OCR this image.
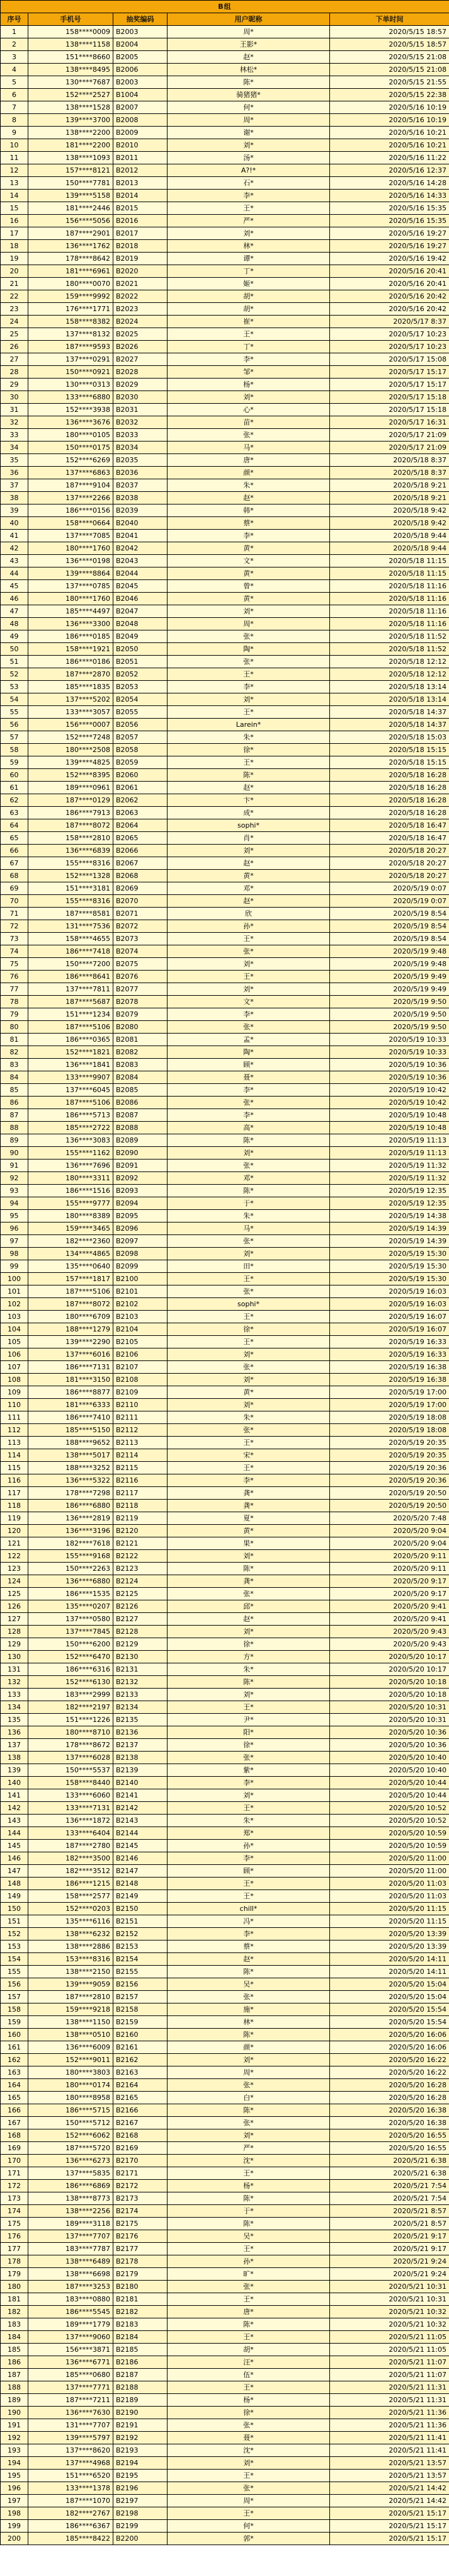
B组				
序号	手机号	抽奖编码	用户昵称	下单时间
1	158****0009	B2003	周*	2020/5/15 18:57
2	138****1158	B2004	王影*	2020/5/15 18:57
3	151****8660	B2005	赵*	2020/5/15 21:08
4	138****8495	B2006	林松*	2020/5/15 21:08
5	130****7687	B2003	陈*	2020/5/15 21:55
6	152****2527	B1004	骑猪猪*	2020/5/15 22:38
7	138****1528	B2007	何*	2020/5/16 10:19
8	139****3700	B2008	周*	2020/5/16 10:19
9	138****2200	B2009	谢*	2020/5/16 10:21
10	181****2200	B2010	刘*	2020/5/16 10:21
11	138****1093	B2011	汤*	2020/5/16 11:22
12	157****8121	B2012	A?!*	2020/5/16 12:37
13	150****7781	B2013	石*	2020/5/16 14:28
14	139****5158	B2014	李*	2020/5/16 14:33
15	181****2446	B2015	王*	2020/5/16 15:35
16	156****5056	B2016	严*	2020/5/16 15:35
17	187****2901	B2017	刘*	2020/5/16 19:27
18	136****1762	B2018	林*	2020/5/16 19:27
19	178****8642	B2019	谭*	2020/5/16 19:42
20	181****6961	B2020	丁*	2020/5/16 20:41
21	180****0070	B2021	姬*	2020/5/16 20:41
22	159****9992	B2022	胡*	2020/5/16 20:42
23	176****1771	B2023	胡*	2020/5/16 20:42
24	158****8382	B2024	崔*	2020/5/17 8:37
25	137****8132	B2025	王*	2020/5/17 10:23
26	187****9593	B2026	丁*	2020/5/17 10:23
27	137****0291	B2027	李*	2020/5/17 15:08
28	150****0921	B2028	邹*	2020/5/17 15:17
29	130****0313	B2029	杨*	2020/5/17 15:17
30	133****6880	B2030	刘*	2020/5/17 15:18
31	152****3938	B2031	心*	2020/5/17 15:18
32	136****3676	B2032	苗*	2020/5/17 16:31
33	180****0105	B2033	张*	2020/5/17 21:09
34	150****0175	B2034	马*	2020/5/17 21:09
35	152****6269	B2035	唐*	2020/5/18 8:37
36	137****6863	B2036	颜*	2020/5/18 8:37
37	187****9104	B2037	朱*	2020/5/18 9:21
38	137****2266	B2038	赵*	2020/5/18 9:21
39	186****0156	B2039	韩*	2020/5/18 9:42
40	158****0664	B2040	蔡*	2020/5/18 9:42
41	137****7085	B2041	李*	2020/5/18 9:44
42	180****1760	B2042	黄*	2020/5/18 9:44
43	136****0198	B2043	文*	2020/5/18 11:15
44	139****8864	B2044	黄*	2020/5/18 11:15
45	137****0785	B2045	曾*	2020/5/18 11:16
46	180****1760	B2046	黄*	2020/5/18 11:16
47	185****4497	B2047	刘*	2020/5/18 11:16
48	136****3300	B2048	周*	2020/5/18 11:16
49	186****0185	B2049	张*	2020/5/18 11:52
50	158****1921	B2050	陶*	2020/5/18 11:52
51	186****0186	B2051	张*	2020/5/18 12:12
52	187****2870	B2052	王*	2020/5/18 12:12
53	185****1835	B2053	李*	2020/5/18 13:14
54	137****5202	B2054	刘*	2020/5/18 13:14
55	133****3057	B2055	王*	2020/5/18 14:37
56	156****0007	B2056	Larein*	2020/5/18 14:37
57	152****7248	B2057	朱*	2020/5/18 15:03
58	180****2508	B2058	徐*	2020/5/18 15:15
59	139****4825	B2059	王*	2020/5/18 15:15
60	152****8395	B2060	陈*	2020/5/18 16:28
61	189****0961	B2061	赵*	2020/5/18 16:28
62	187****0129	B2062	卞*	2020/5/18 16:28
63	186****7913	B2063	成*	2020/5/18 16:28
64	187****8072	B2064	sophi*	2020/5/18 16:47
65	158****2810	B2065	肖*	2020/5/18 16:47
66	136****6839	B2066	刘*	2020/5/18 20:27
67	155****8316	B2067	赵*	2020/5/18 20:27
68	152****1328	B2068	黄*	2020/5/18 20:27
69	151****3181	B2069	邓*	2020/5/19 0:07
70	155****8316	B2070	赵*	2020/5/19 0:07
71	187****8581	B2071	欣	2020/5/19 8:54
72	131****7536	B2072	孙*	2020/5/19 8:54
73	158****4655	B2073	王*	2020/5/19 8:54
74	186****7418	B2074	张*	2020/5/19 9:48
75	150****7200	B2075	刘*	2020/5/19 9:48
76	186****8641	B2076	王*	2020/5/19 9:49
77	137****7811	B2077	刘*	2020/5/19 9:49
78	187****5687	B2078	文*	2020/5/19 9:50
79	151****1234	B2079	李*	2020/5/19 9:50
80	187****5106	B2080	张*	2020/5/19 9:50
81	186****0365	B2081	孟*	2020/5/19 10:33
82	152****1821	B2082	陶*	2020/5/19 10:33
83	136****1841	B2083	顾*	2020/5/19 10:36
84	133****9907	B2084	聂*	2020/5/19 10:36
85	137****6045	B2085	李*	2020/5/19 10:42
86	187****5106	B2086	张*	2020/5/19 10:42
87	186****5713	B2087	李*	2020/5/19 10:48
88	185****2722	B2088	高*	2020/5/19 10:48
89	136****3083	B2089	陈*	2020/5/19 11:13
90	155****1162	B2090	刘*	2020/5/19 11:13
91	136****7696	B2091	张*	2020/5/19 11:32
92	180****3311	B2092	邓*	2020/5/19 11:32
93	186****1516	B2093	陈*	2020/5/19 12:35
94	155****9777	B2094	于*	2020/5/19 12:35
95	180****8389	B2095	朱*	2020/5/19 14:38
96	159****3465	B2096	马*	2020/5/19 14:39
97	182****2360	B2097	张*	2020/5/19 14:39
98	134****4865	B2098	刘*	2020/5/19 15:30
99	135****0640	B2099	田*	2020/5/19 15:30
100	157****1817	B2100	王*	2020/5/19 15:30
101	187****5106	B2101	张*	2020/5/19 16:03
102	187****8072	B2102	sophi*	2020/5/19 16:03
103	180****6709	B2103	王*	2020/5/19 16:07
104	188****1279	B2104	徐*	2020/5/19 16:07
105	139****2290	B2105	王*	2020/5/19 16:33
106	137****6016	B2106	刘*	2020/5/19 16:33
107	186****7131	B2107	张*	2020/5/19 16:38
108	181****3150	B2108	刘*	2020/5/19 16:38
109	186****8877	B2109	黄*	2020/5/19 17:00
110	181****6333	B2110	刘*	2020/5/19 17:00
111	186****7410	B2111	朱*	2020/5/19 18:08
112	185****5150	B2112	张*	2020/5/19 18:08
113	188****9652	B2113	王*	2020/5/19 20:35
114	138****5017	B2114	宋*	2020/5/19 20:35
115	188****3252	B2115	王*	2020/5/19 20:36
116	136****5322	B2116	李*	2020/5/19 20:36
117	178****7298	B2117	龚*	2020/5/19 20:50
118	186****6880	B2118	龚*	2020/5/19 20:50
119	136****2819	B2119	夏*	2020/5/20 7:48
120	136****3196	B2120	黄*	2020/5/20 9:04
121	182****7618	B2121	果*	2020/5/20 9:04
122	155****9168	B2122	刘*	2020/5/20 9:11
123	150****2263	B2123	陈*	2020/5/20 9:11
124	136****6880	B2124	龚*	2020/5/20 9:17
125	186****1535	B2125	张*	2020/5/20 9:17
126	135****0207	B2126	邱*	2020/5/20 9:41
127	137****0580	B2127	赵*	2020/5/20 9:41
128	137****7845	B2128	刘*	2020/5/20 9:43
129	150****6200	B2129	徐*	2020/5/20 9:43
130	152****6470	B2130	方*	2020/5/20 10:17
131	186****6316	B2131	朱*	2020/5/20 10:17
132	152****6130	B2132	陈*	2020/5/20 10:18
133	183****2999	B2133	刘*	2020/5/20 10:18
134	182****2197	B2134	王*	2020/5/20 10:31
135	151****1226	B2135	尹*	2020/5/20 10:31
136	180****8710	B2136	阳*	2020/5/20 10:36
137	178****8672	B2137	徐*	2020/5/20 10:36
138	137****6028	B2138	张*	2020/5/20 10:40
139	150****5537	B2139	紫*	2020/5/20 10:40
140	158****8440	B2140	李*	2020/5/20 10:44
141	133****6060	B2141	刘*	2020/5/20 10:44
142	133****7131	B2142	王*	2020/5/20 10:52
143	136****1872	B2143	朱*	2020/5/20 10:52
144	133****6404	B2144	郑*	2020/5/20 10:59
145	187****2780	B2145	孙*	2020/5/20 10:59
146	182****3500	B2146	李*	2020/5/20 11:00
147	182****3512	B2147	顾*	2020/5/20 11:00
148	186****1215	B2148	王*	2020/5/20 11:03
149	158****2577	B2149	王*	2020/5/20 11:03
150	152****0203	B2150	chill*	2020/5/20 11:15
151	135****6116	B2151	冯*	2020/5/20 11:15
152	138****6232	B2152	李*	2020/5/20 13:39
153	138****2886	B2153	蔡*	2020/5/20 13:39
154	153****8316	B2154	赵*	2020/5/20 14:11
155	138****2150	B2155	陈*	2020/5/20 14:11
156	139****9059	B2156	吴*	2020/5/20 15:04
157	187****2810	B2157	张*	2020/5/20 15:04
158	159****9218	B2158	施*	2020/5/20 15:54
159	138****1150	B2159	林*	2020/5/20 15:54
160	138****0510	B2160	陈*	2020/5/20 16:06
161	136****6009	B2161	颜*	2020/5/20 16:06
162	152****9011	B2162	刘*	2020/5/20 16:22
163	180****3803	B2163	周*	2020/5/20 16:22
164	180****0174	B2164	张*	2020/5/20 16:28
165	180****8958	B2165	白*	2020/5/20 16:28
166	186****5715	B2166	陈*	2020/5/20 16:38
167	150****5712	B2167	张*	2020/5/20 16:38
168	152****6062	B2168	刘*	2020/5/20 16:55
169	187****5720	B2169	严*	2020/5/20 16:55
170	136****6273	B2170	沈*	2020/5/21 6:38
171	137****5835	B2171	王*	2020/5/21 6:38
172	186****6869	B2172	杨*	2020/5/21 7:54
173	138****8773	B2173	陈*	2020/5/21 7:54
174	138****2256	B2174	于*	2020/5/21 8:57
175	189****3118	B2175	陈*	2020/5/21 8:57
176	137****7707	B2176	吴*	2020/5/21 9:17
177	183****7787	B2177	王*	2020/5/21 9:17
178	138****6489	B2178	孙*	2020/5/21 9:24
179	138****6698	B2179	旷*	2020/5/21 9:24
180	187****3253	B2180	张*	2020/5/21 10:31
181	183****0880	B2181	王*	2020/5/21 10:31
182	186****5545	B2182	唐*	2020/5/21 10:32
183	189****1779	B2183	陈*	2020/5/21 10:32
184	137****9060	B2184	王*	2020/5/21 11:05
185	156****3871	B2185	胡*	2020/5/21 11:05
186	136****6771	B2186	汪*	2020/5/21 11:07
187	185****0680	B2187	伍*	2020/5/21 11:07
188	137****7771	B2188	王*	2020/5/21 11:31
189	187****7211	B2189	杨*	2020/5/21 11:31
190	136****7630	B2190	徐*	2020/5/21 11:36
191	131****7707	B2191	张*	2020/5/21 11:36
192	139****5797	B2192	聂*	2020/5/21 11:41
193	137****8620	B2193	沈*	2020/5/21 11:41
194	137****4968	B2194	刘*	2020/5/21 13:57
195	151****6520	B2195	王*	2020/5/21 13:57
196	133****1378	B2196	张*	2020/5/21 14:42
197	187****1070	B2197	周*	2020/5/21 14:42
198	182****2767	B2198	王*	2020/5/21 15:17
199	186****6367	B2199	何*	2020/5/21 15:17
200	185****8422	B2200	郭*	2020/5/21 15:17
